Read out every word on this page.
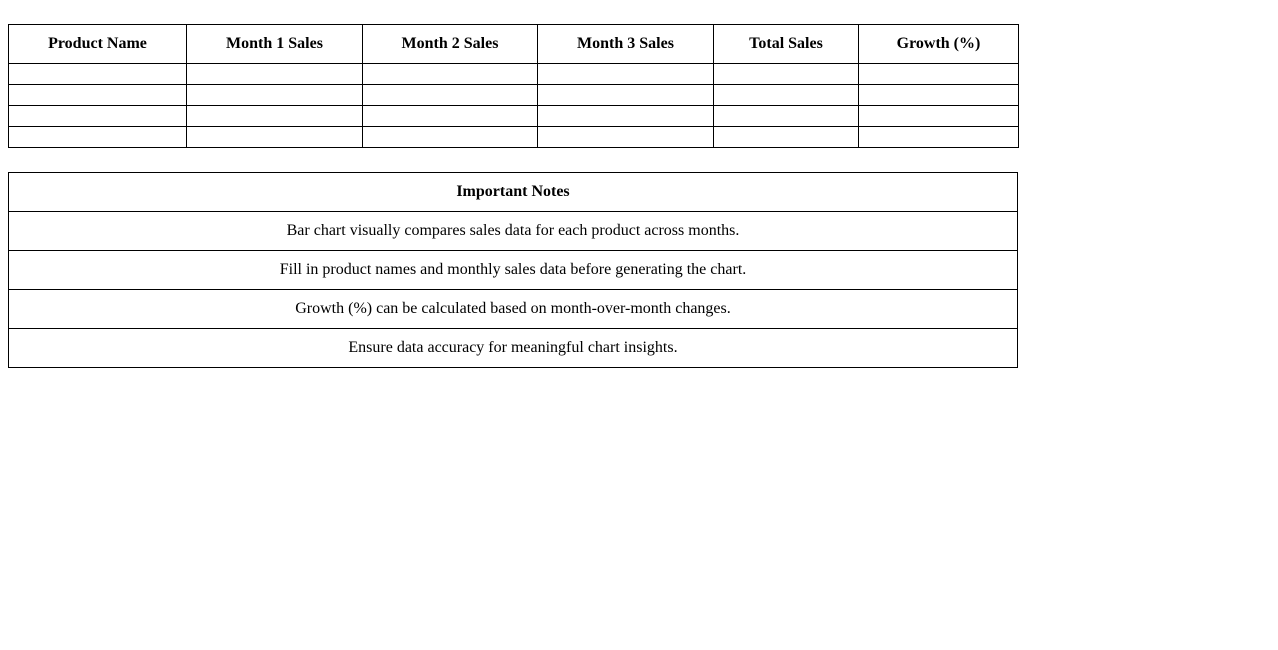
Product Name	Month 1 Sales	Month 2 Sales	Month 3 Sales	Total Sales	Growth (%)

Important Notes
Bar chart visually compares sales data for each product across months.
Fill in product names and monthly sales data before generating the chart.
Growth (%) can be calculated based on month-over-month changes.
Ensure data accuracy for meaningful chart insights.
